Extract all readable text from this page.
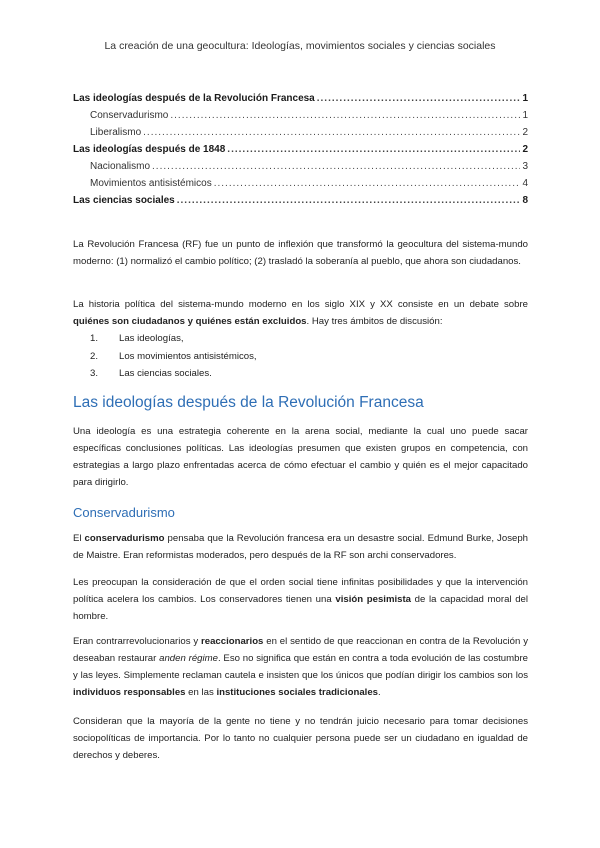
La creación de una geocultura: Ideologías, movimientos sociales y ciencias sociales
Las ideologías después de la Revolución Francesa .....	1
Conservadurismo .....	1
Liberalismo .....	2
Las ideologías después de 1848 .....	2
Nacionalismo .....	3
Movimientos antisistémicos .....	4
Las ciencias sociales .....	8

La Revolución Francesa (RF) fue un punto de inflexión que transformó la geocultura del sistema-mundo moderno: (1) normalizó el cambio político; (2) trasladó la soberanía al pueblo, que ahora son ciudadanos.

La historia política del sistema-mundo moderno en los siglo XIX y XX consiste en un debate sobre quiénes son ciudadanos y quiénes están excluidos. Hay tres ámbitos de discusión:

1.	Las ideologías,
2.	Los movimientos antisistémicos,
3.	Las ciencias sociales.
Las ideologías después de la Revolución Francesa

Una ideología es una estrategia coherente en la arena social, mediante la cual uno puede sacar específicas conclusiones políticas. Las ideologías presumen que existen grupos en competencia, con estrategias a largo plazo enfrentadas acerca de cómo efectuar el cambio y quién es el mejor capacitado para dirigirlo.

Conservadurismo

El conservadurismo pensaba que la Revolución francesa era un desastre social. Edmund Burke, Joseph de Maistre. Eran reformistas moderados, pero después de la RF son archi conservadores.

Les preocupan la consideración de que el orden social tiene infinitas posibilidades y que la intervención política acelera los cambios. Los conservadores tienen una visión pesimista de la capacidad moral del hombre.

Eran contrarrevolucionarios y reaccionarios en el sentido de que reaccionan en contra de la Revolución y deseaban restaurar anden régime. Eso no significa que están en contra a toda evolución de las costumbre y las leyes. Simplemente reclaman cautela e insisten que los únicos que podían dirigir los cambios son los individuos responsables en las instituciones sociales tradicionales.

Consideran que la mayoría de la gente no tiene y no tendrán juicio necesario para tomar decisiones sociopolíticas de importancia. Por lo tanto no cualquier persona puede ser un ciudadano en igualdad de derechos y deberes.
